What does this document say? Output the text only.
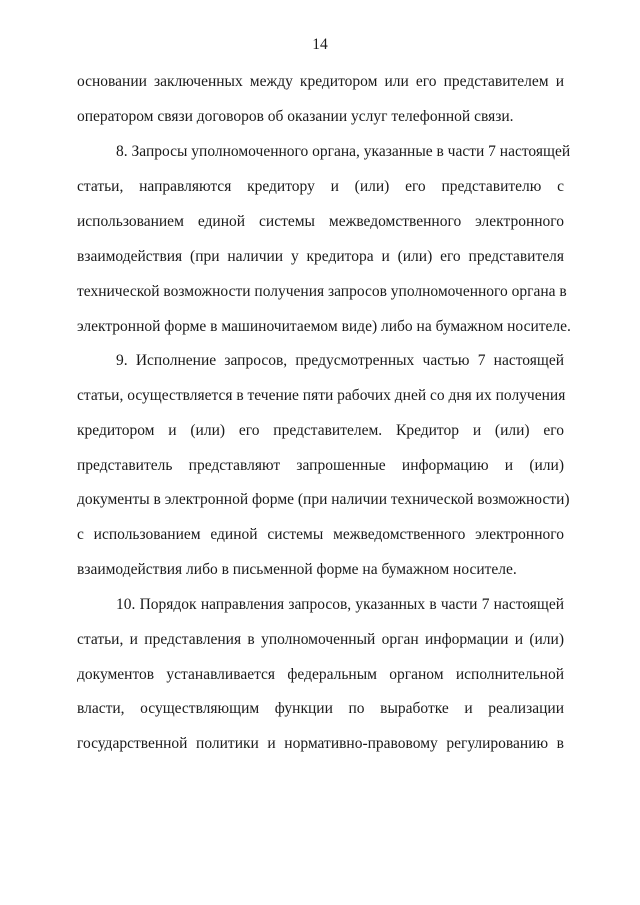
14
основании заключенных между кредитором или его представителем и
оператором связи договоров об оказании услуг телефонной связи.
8. Запросы уполномоченного органа, указанные в части 7 настоящей
статьи, направляются кредитору и (или) его представителю с
использованием единой системы межведомственного электронного
взаимодействия (при наличии у кредитора и (или) его представителя
технической возможности получения запросов уполномоченного органа в
электронной форме в машиночитаемом виде) либо на бумажном носителе.
9. Исполнение запросов, предусмотренных частью 7 настоящей
статьи, осуществляется в течение пяти рабочих дней со дня их получения
кредитором и (или) его представителем. Кредитор и (или) его
представитель представляют запрошенные информацию и (или)
документы в электронной форме (при наличии технической возможности)
с использованием единой системы межведомственного электронного
взаимодействия либо в письменной форме на бумажном носителе.
10. Порядок направления запросов, указанных в части 7 настоящей
статьи, и представления в уполномоченный орган информации и (или)
документов устанавливается федеральным органом исполнительной
власти, осуществляющим функции по выработке и реализации
государственной политики и нормативно-правовому регулированию в
